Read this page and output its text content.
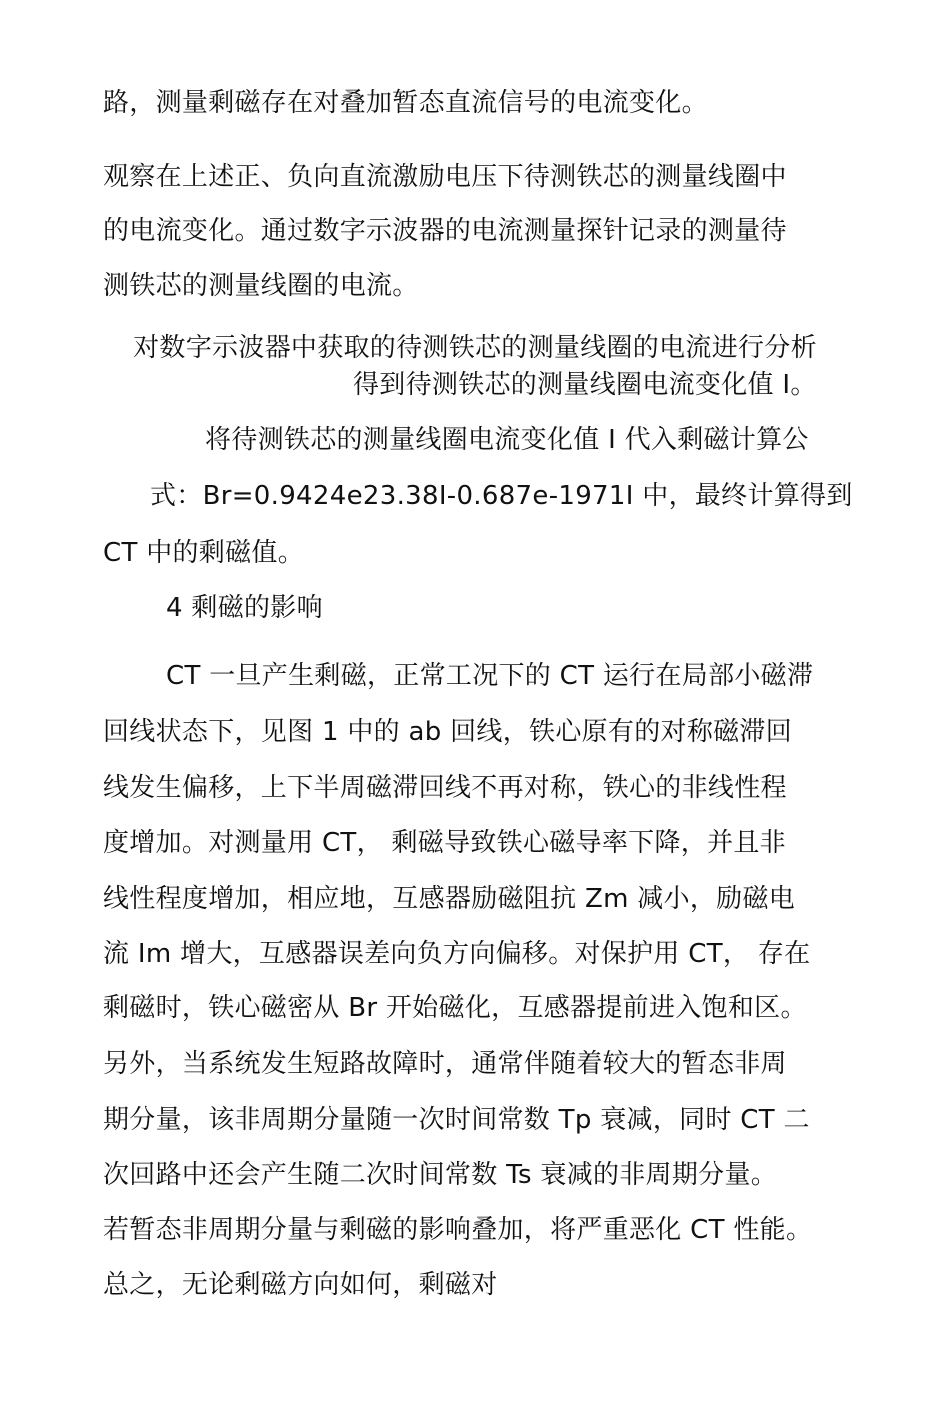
路，测量剩磁存在对叠加暂态直流信号的电流变化。
观察在上述正、负向直流激励电压下待测铁芯的测量线圈中
的电流变化。通过数字示波器的电流测量探针记录的测量待
测铁芯的测量线圈的电流。
对数字示波器中获取的待测铁芯的测量线圈的电流进行分析
得到待测铁芯的测量线圈电流变化值 I。
将待测铁芯的测量线圈电流变化值 I 代入剩磁计算公
式：Br=0.9424e23.38I-0.687e-1971I 中，最终计算得到
CT 中的剩磁值。
4 剩磁的影响
CT 一旦产生剩磁，正常工况下的 CT 运行在局部小磁滞
回线状态下，见图 1 中的 ab 回线，铁心原有的对称磁滞回
线发生偏移，上下半周磁滞回线不再对称，铁心的非线性程
度增加。对测量用 CT， 剩磁导致铁心磁导率下降，并且非
线性程度增加，相应地，互感器励磁阻抗 Zm 减小，励磁电
流 Im 增大，互感器误差向负方向偏移。对保护用 CT， 存在
剩磁时，铁心磁密从 Br 开始磁化，互感器提前进入饱和区。
另外，当系统发生短路故障时，通常伴随着较大的暂态非周
期分量，该非周期分量随一次时间常数 Tp 衰减，同时 CT 二
次回路中还会产生随二次时间常数 Ts 衰减的非周期分量。
若暂态非周期分量与剩磁的影响叠加，将严重恶化 CT 性能。
总之，无论剩磁方向如何，剩磁对
